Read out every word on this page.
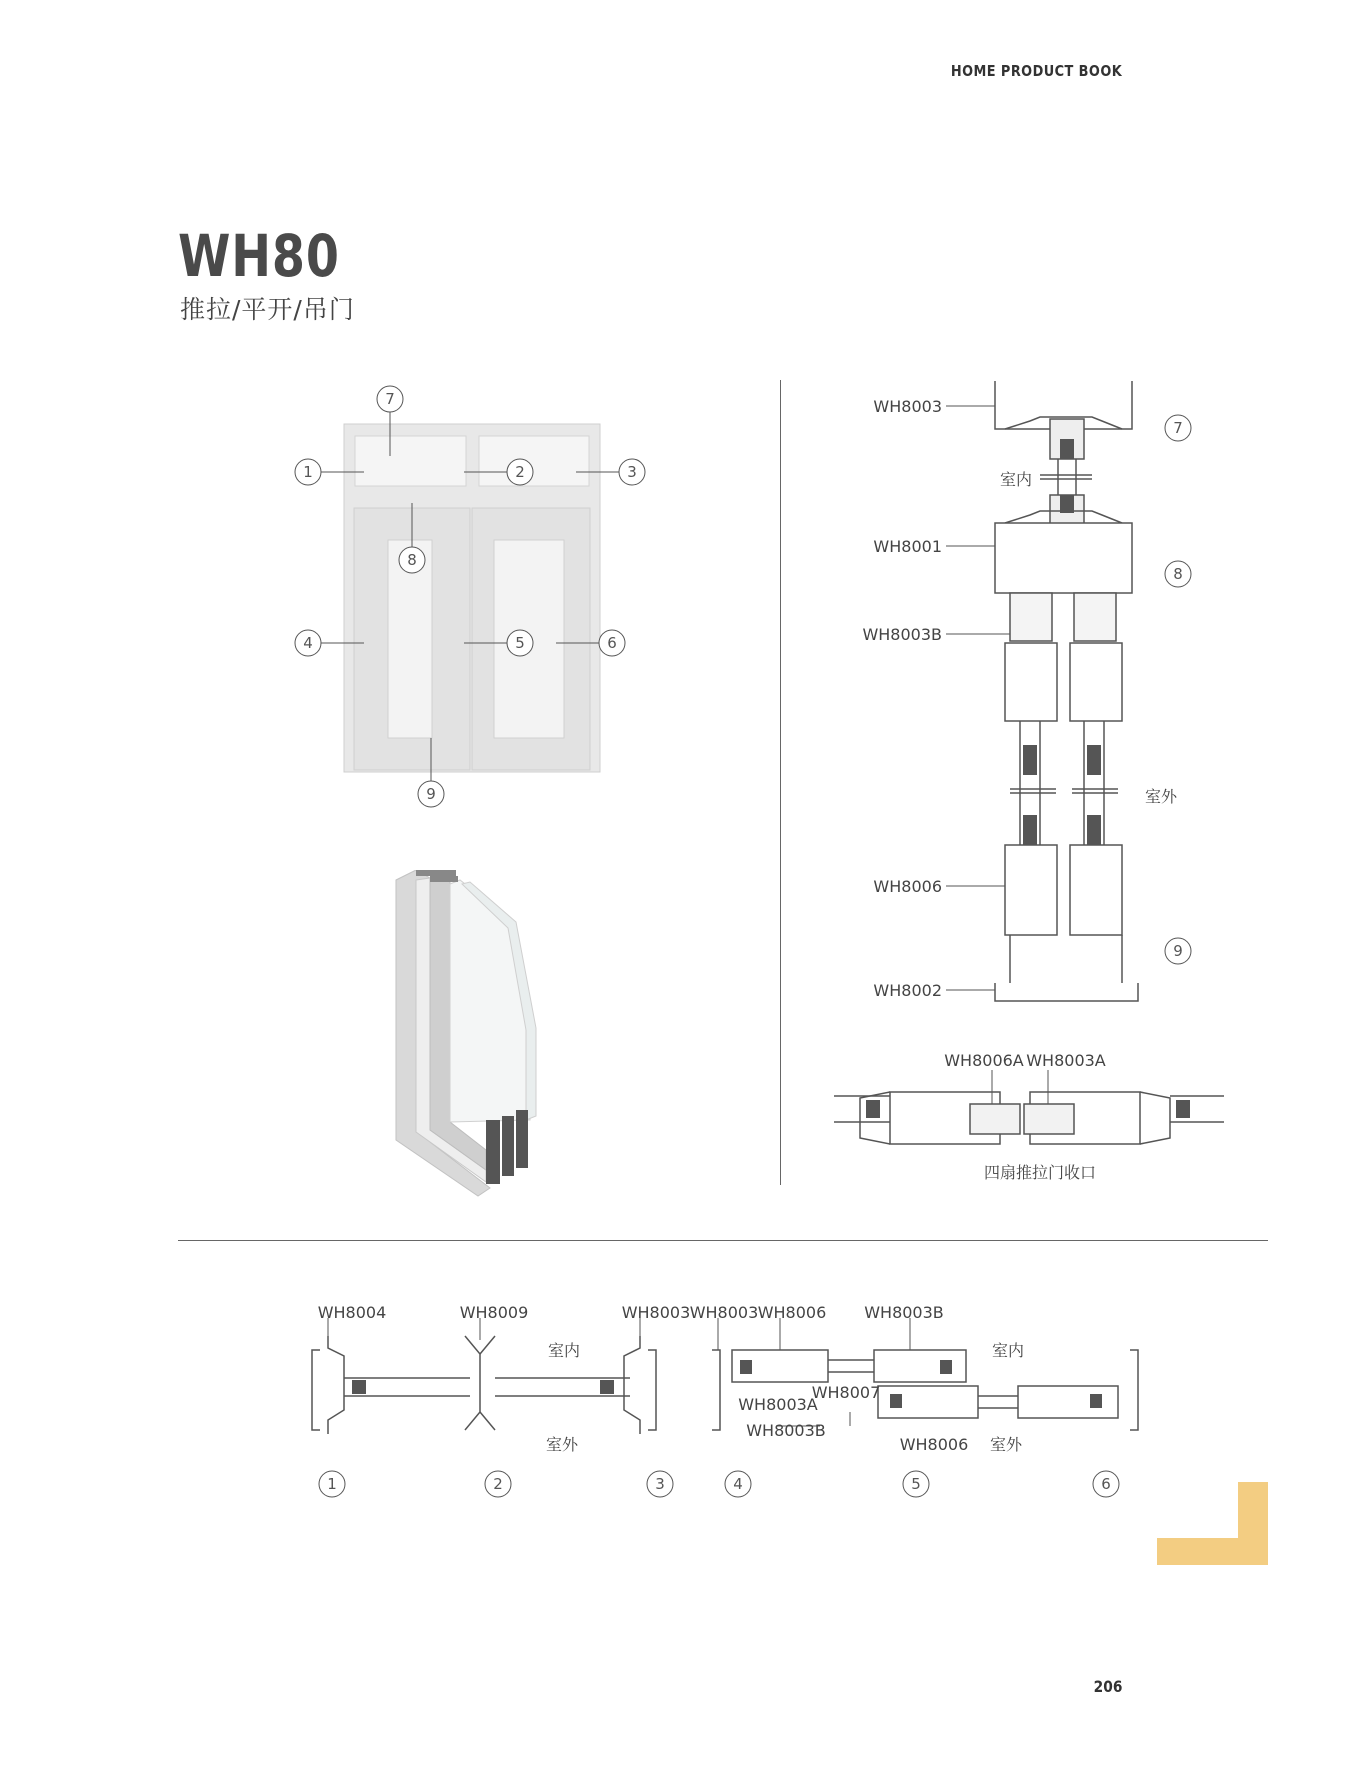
HOME PRODUCT BOOK
WH80
推拉/平开/吊门
7
1	2	3
8
4	5	6
9
WH8003
WH8001
WH8003B
WH8006
WH8002
室内
室外
7
8
9
WH8006A WH8003A
四扇推拉门收口
WH8004	WH8009	WH8003 WH8003 WH8006 WH8003B
WH8003A
WH8003B
WH8007
WH8006
室内
室外
室内
室外
1	2	3	4	5	6
206
